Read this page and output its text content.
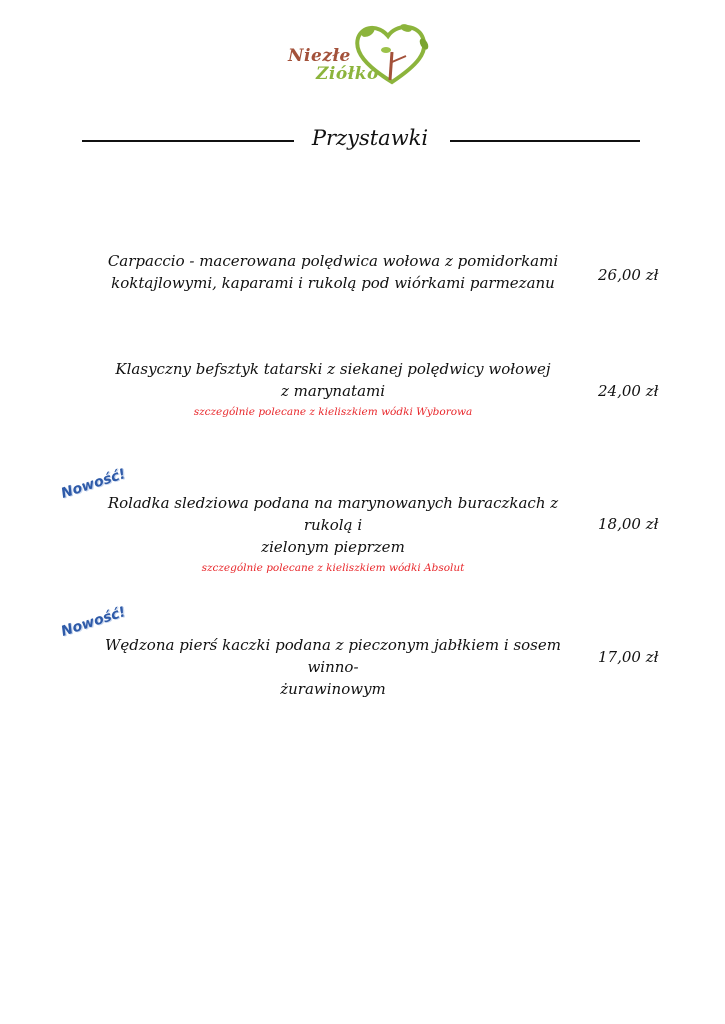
Niezłe
Ziółko
Przystawki
Carpaccio - macerowana polędwica wołowa z pomidorkami
koktajlowymi, kaparami i rukolą pod wiórkami parmezanu	26,00 zł
Klasyczny befsztyk tatarski z siekanej polędwicy wołowej
z marynatami
szczególnie polecane z kieliszkiem wódki Wyborowa
24,00 zł
Nowość!
Roladka sledziowa podana na marynowanych buraczkach z rukolą i
zielonym pieprzem
szczególnie polecane z kieliszkiem wódki Absolut
18,00 zł
Nowość!
Wędzona pierś kaczki podana z pieczonym jabłkiem i sosem winno-
żurawinowym
17,00 zł
